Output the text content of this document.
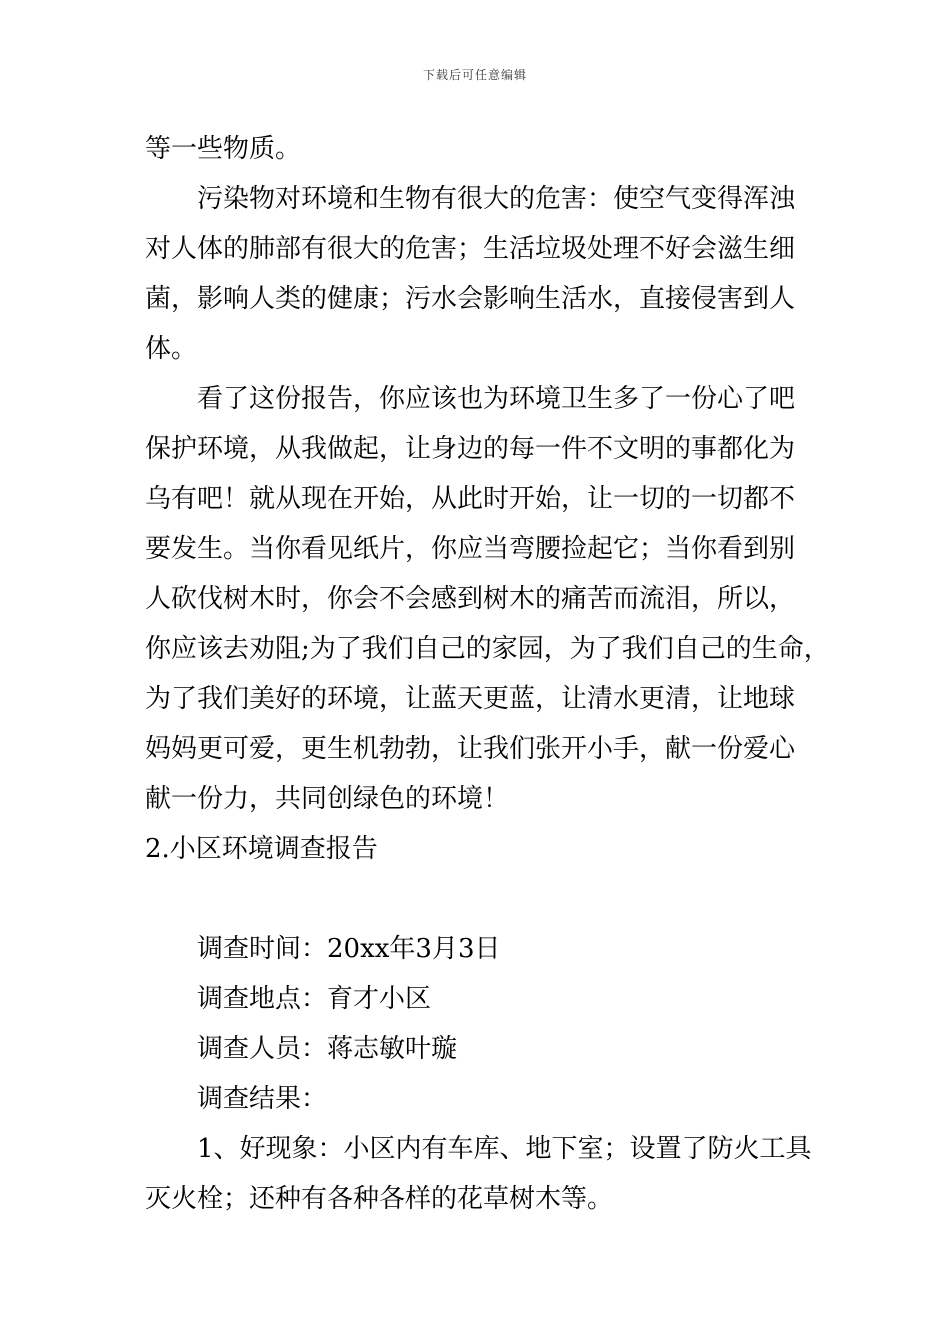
下载后可任意编辑
等一些物质。
污染物对环境和生物有很大的危害：使空气变得浑浊
对人体的肺部有很大的危害；生活垃圾处理不好会滋生细
菌，影响人类的健康；污水会影响生活水，直接侵害到人
体。
看了这份报告，你应该也为环境卫生多了一份心了吧
保护环境，从我做起，让身边的每一件不文明的事都化为
乌有吧！就从现在开始，从此时开始，让一切的一切都不
要发生。当你看见纸片，你应当弯腰捡起它；当你看到别
人砍伐树木时，你会不会感到树木的痛苦而流泪，所以，
你应该去劝阻;为了我们自己的家园，为了我们自己的生命，
为了我们美好的环境，让蓝天更蓝，让清水更清，让地球
妈妈更可爱，更生机勃勃，让我们张开小手，献一份爱心
献一份力，共同创绿色的环境！
2.小区环境调查报告
调查时间：20xx年3月3日
调查地点：育才小区
调查人员：蒋志敏叶璇
调查结果：
1、好现象：小区内有车库、地下室；设置了防火工具
灭火栓；还种有各种各样的花草树木等。
